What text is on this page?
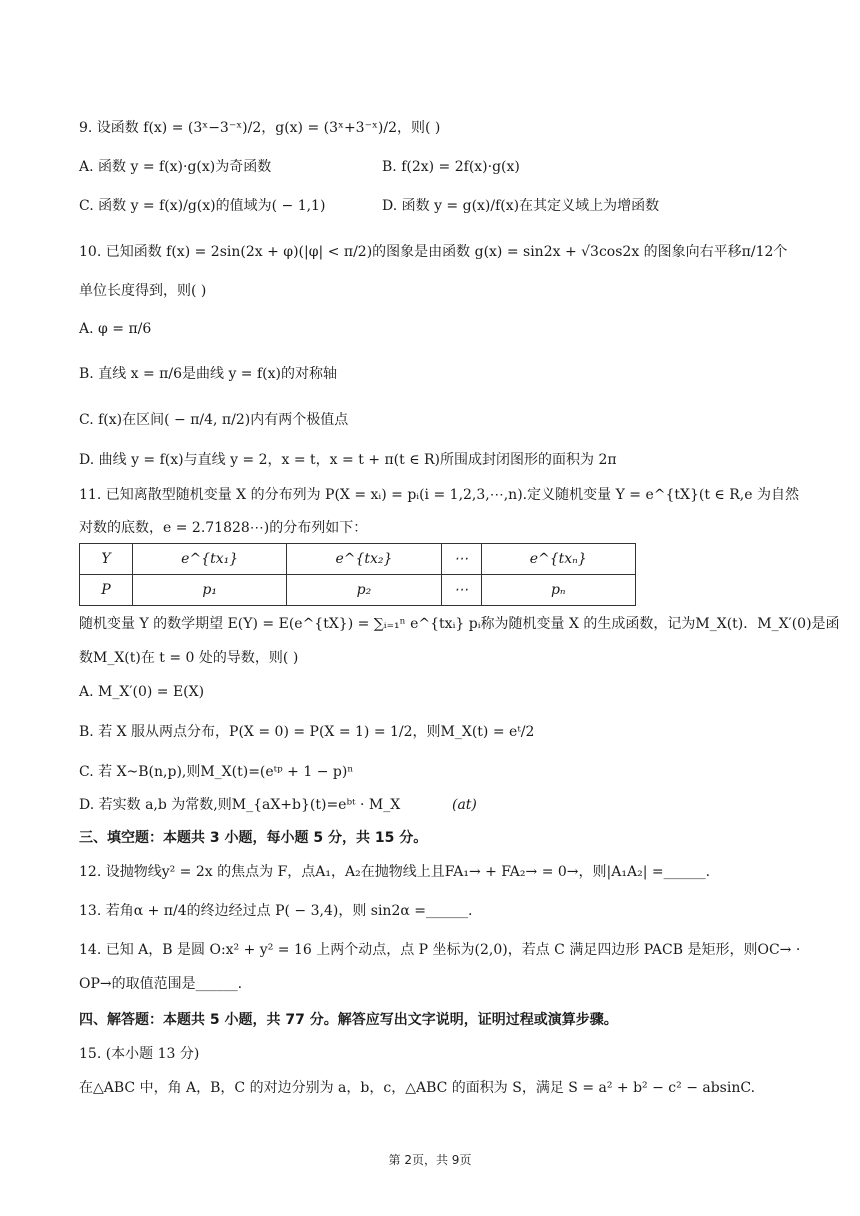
9. 设函数 f(x) = (3ˣ−3⁻ˣ)/2，g(x) = (3ˣ+3⁻ˣ)/2，则( )
A. 函数 y = f(x)·g(x)为奇函数	B. f(2x) = 2f(x)·g(x)
C. 函数 y = f(x)/g(x)的值域为( − 1,1)	D. 函数 y = g(x)/f(x)在其定义域上为增函数
10. 已知函数 f(x) = 2sin(2x + φ)(|φ| < π/2)的图象是由函数 g(x) = sin2x + √3cos2x 的图象向右平移π/12个
单位长度得到，则( )
A. φ = π/6
B. 直线 x = π/6是曲线 y = f(x)的对称轴
C. f(x)在区间( − π/4, π/2)内有两个极值点
D. 曲线 y = f(x)与直线 y = 2，x = t，x = t + π(t ∈ R)所围成封闭图形的面积为 2π
11. 已知离散型随机变量 X 的分布列为 P(X = xᵢ) = pᵢ(i = 1,2,3,⋯,n).定义随机变量 Y = e^{tX}(t ∈ R,e 为自然
对数的底数，e = 2.71828⋯)的分布列如下：
Y	e^{tx₁}	e^{tx₂}	⋯	e^{txₙ}
P	p₁	p₂	⋯	pₙ
随机变量 Y 的数学期望 E(Y) = E(e^{tX}) = ∑ᵢ₌₁ⁿ e^{txᵢ} pᵢ称为随机变量 X 的生成函数，记为M_X(t)．M_X′(0)是函
数M_X(t)在 t = 0 处的导数，则( )
A. M_X′(0) = E(X)
B. 若 X 服从两点分布，P(X = 0) = P(X = 1) = 1/2，则M_X(t) = eᵗ/2
C. 若 X~B(n,p),则M_X(t)=(eᵗᵖ + 1 − p)ⁿ
D. 若实数 a,b 为常数,则M_{aX+b}(t)=eᵇᵗ · M_X	(at)
三、填空题：本题共 3 小题，每小题 5 分，共 15 分。
12. 设抛物线y² = 2x 的焦点为 F，点A₁，A₂在抛物线上且FA₁→ + FA₂→ = 0→，则|A₁A₂| =______.
13. 若角α + π/4的终边经过点 P( − 3,4)，则 sin2α =______.
14. 已知 A，B 是圆 O:x² + y² = 16 上两个动点，点 P 坐标为(2,0)，若点 C 满足四边形 PACB 是矩形，则OC→ ·
OP→的取值范围是______.
四、解答题：本题共 5 小题，共 77 分。解答应写出文字说明，证明过程或演算步骤。
15. (本小题 13 分)
在△ABC 中，角 A，B，C 的对边分别为 a，b，c，△ABC 的面积为 S，满足 S = a² + b² − c² − absinC.
第 2页，共 9页
